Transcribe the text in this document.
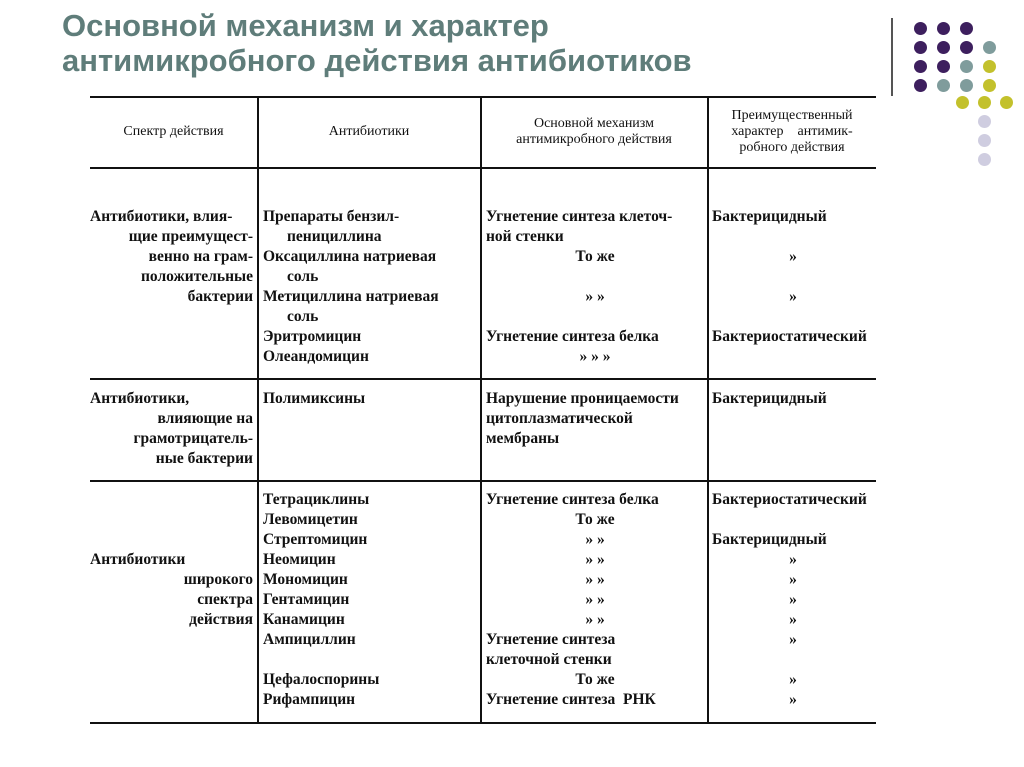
Основной механизм и характер
антимикробного действия антибиотиков
Спектр действия	Антибиотики
Основной механизм
антимикробного действия
Преимущественный
характер    антимик-
робного действия
Антибиотики, влия-
щие преимущест-
венно на грам-
положительные
бактерии
Антибиотики,
влияющие на
грамотрицатель-
ные бактерии
Антибиотики
широкого
спектра
действия
Препараты бензил-
пенициллина
Оксациллина натриевая
соль
Метициллина натриевая
соль
Эритромицин
Олеандомицин
Полимиксины
Тетрациклины
Левомицетин
Стрептомицин
Неомицин
Мономицин
Гентамицин
Канамицин
Ампициллин
Цефалоспорины
Рифампицин
Угнетение синтеза клеточ-
ной стенки
То же
» »
Угнетение синтеза белка
» » »
Нарушение проницаемости
цитоплазматической
мембраны
Угнетение синтеза белка
То же
» »
» »
» »
» »
» »
Угнетение синтеза
клеточной стенки
То же
Угнетение синтеза  РНК
Бактерицидный
»
»
Бактериостатический
Бактерицидный
Бактериостатический
Бактерицидный
»
»
»
»
»
»
»
